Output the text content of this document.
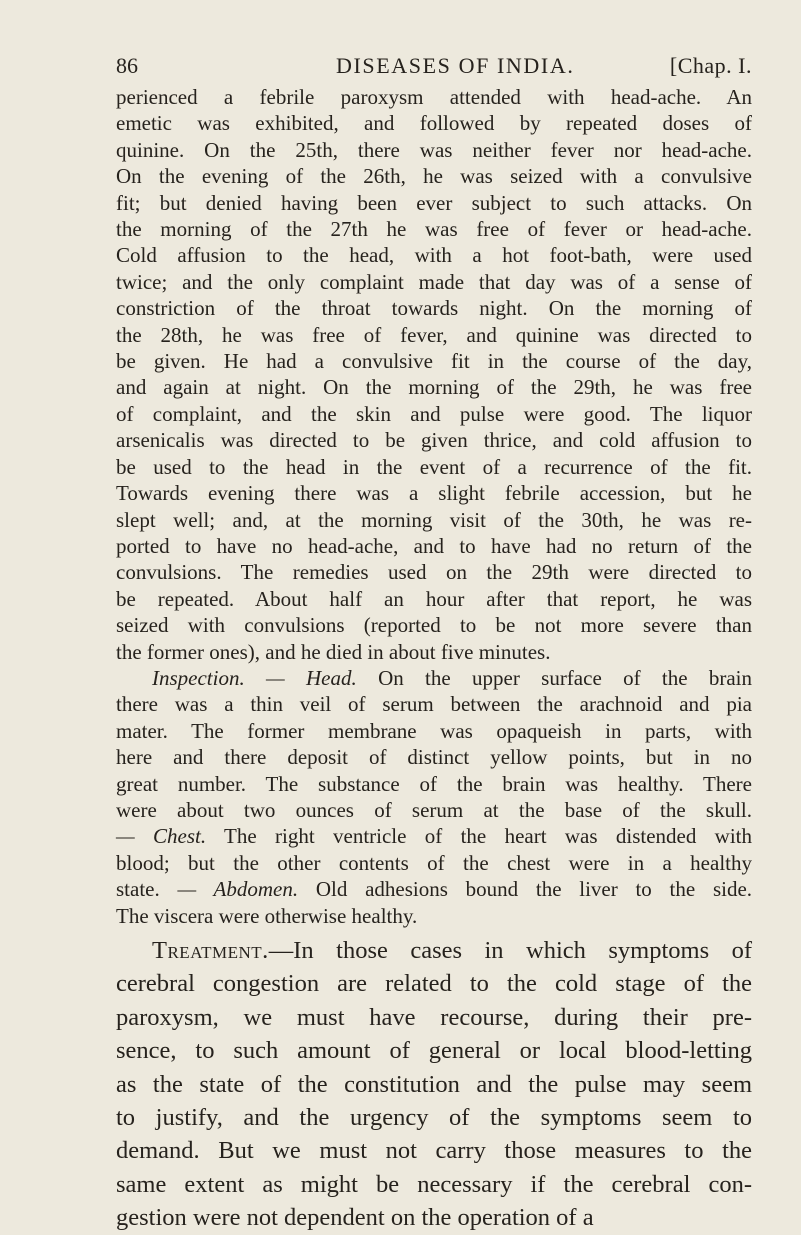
86	DISEASES OF INDIA.	[Chap. I.

perienced a febrile paroxysm attended with head-ache. An
emetic was exhibited, and followed by repeated doses of
quinine. On the 25th, there was neither fever nor head-ache.
On the evening of the 26th, he was seized with a convulsive
fit; but denied having been ever subject to such attacks. On
the morning of the 27th he was free of fever or head-ache.
Cold affusion to the head, with a hot foot-bath, were used
twice; and the only complaint made that day was of a sense of
constriction of the throat towards night. On the morning of
the 28th, he was free of fever, and quinine was directed to
be given. He had a convulsive fit in the course of the day,
and again at night. On the morning of the 29th, he was free
of complaint, and the skin and pulse were good. The liquor
arsenicalis was directed to be given thrice, and cold affusion to
be used to the head in the event of a recurrence of the fit.
Towards evening there was a slight febrile accession, but he
slept well; and, at the morning visit of the 30th, he was re-
ported to have no head-ache, and to have had no return of the
convulsions. The remedies used on the 29th were directed to
be repeated. About half an hour after that report, he was
seized with convulsions (reported to be not more severe than
the former ones), and he died in about five minutes.

Inspection. — Head. On the upper surface of the brain
there was a thin veil of serum between the arachnoid and pia
mater. The former membrane was opaqueish in parts, with
here and there deposit of distinct yellow points, but in no
great number. The substance of the brain was healthy. There
were about two ounces of serum at the base of the skull.
— Chest. The right ventricle of the heart was distended with
blood; but the other contents of the chest were in a healthy
state. — Abdomen. Old adhesions bound the liver to the side.
The viscera were otherwise healthy.

Treatment.—In those cases in which symptoms of
cerebral congestion are related to the cold stage of the
paroxysm, we must have recourse, during their pre-
sence, to such amount of general or local blood-letting
as the state of the constitution and the pulse may seem
to justify, and the urgency of the symptoms seem to
demand. But we must not carry those measures to the
same extent as might be necessary if the cerebral con-
gestion were not dependent on the operation of a
